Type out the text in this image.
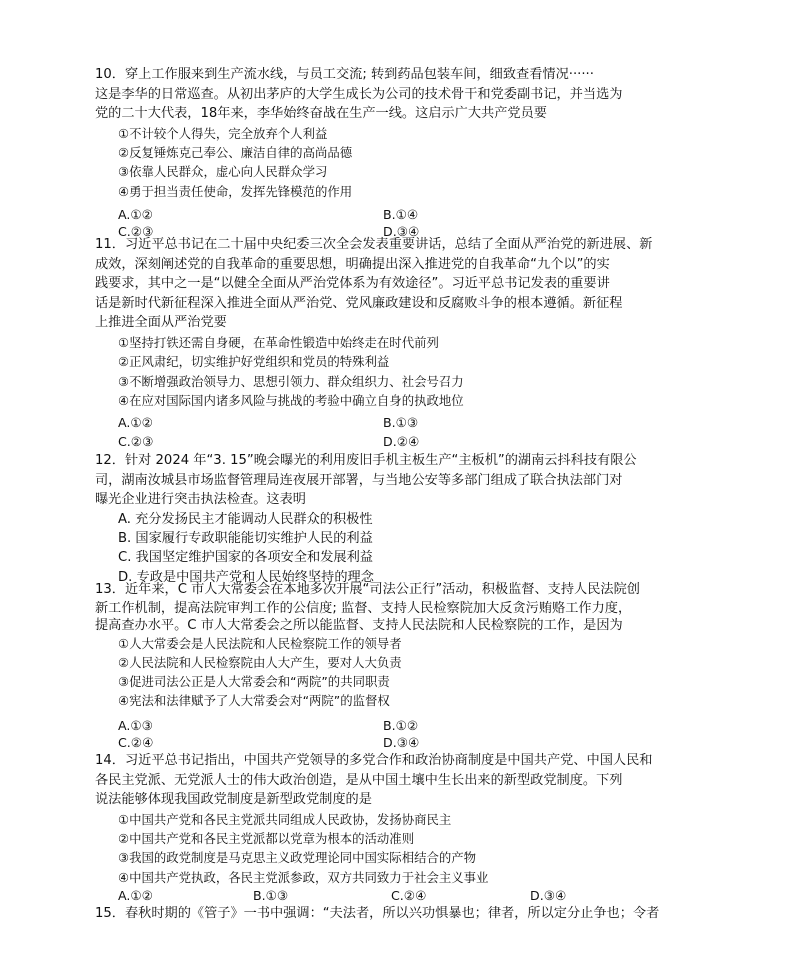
10．穿上工作服来到生产流水线，与员工交流; 转到药品包装车间，细致查看情况······
这是李华的日常巡查。从初出茅庐的大学生成长为公司的技术骨干和党委副书记，并当选为
党的二十大代表，18年来，李华始终奋战在生产一线。这启示广大共产党员要
①不计较个人得失，完全放弃个人利益
②反复锤炼克己奉公、廉洁自律的高尚品德
③依靠人民群众，虚心向人民群众学习
④勇于担当责任使命，发挥先锋模范的作用
A.①②	B.①④
C.②③	D.③④
11．习近平总书记在二十届中央纪委三次全会发表重要讲话，总结了全面从严治党的新进展、新
成效，深刻阐述党的自我革命的重要思想，明确提出深入推进党的自我革命“九个以”的实
践要求，其中之一是“以健全全面从严治党体系为有效途径”。习近平总书记发表的重要讲
话是新时代新征程深入推进全面从严治党、党风廉政建设和反腐败斗争的根本遵循。新征程
上推进全面从严治党要
①坚持打铁还需自身硬，在革命性锻造中始终走在时代前列
②正风肃纪，切实维护好党组织和党员的特殊利益
③不断增强政治领导力、思想引领力、群众组织力、社会号召力
④在应对国际国内诸多风险与挑战的考验中确立自身的执政地位
A.①②	B.①③
C.②③	D.②④
12．针对 2024 年“3. 15”晚会曝光的利用废旧手机主板生产“主板机”的湖南云抖科技有限公
司，湖南汝城县市场监督管理局连夜展开部署，与当地公安等多部门组成了联合执法部门对
曝光企业进行突击执法检查。这表明
A. 充分发扬民主才能调动人民群众的积极性
B. 国家履行专政职能能切实维护人民的利益
C. 我国坚定维护国家的各项安全和发展利益
D. 专政是中国共产党和人民始终坚持的理念
13．近年来，C 市人大常委会在本地多次开展“司法公正行”活动，积极监督、支持人民法院创
新工作机制，提高法院审判工作的公信度; 监督、支持人民检察院加大反贪污贿赂工作力度，
提高查办水平。C 市人大常委会之所以能监督、支持人民法院和人民检察院的工作，是因为
①人大常委会是人民法院和人民检察院工作的领导者
②人民法院和人民检察院由人大产生，要对人大负责
③促进司法公正是人大常委会和“两院”的共同职责
④宪法和法律赋予了人大常委会对“两院”的监督权
A.①③	B.①②
C.②④	D.③④
14．习近平总书记指出，中国共产党领导的多党合作和政治协商制度是中国共产党、中国人民和
各民主党派、无党派人士的伟大政治创造，是从中国土壤中生长出来的新型政党制度。下列
说法能够体现我国政党制度是新型政党制度的是
①中国共产党和各民主党派共同组成人民政协，发扬协商民主
②中国共产党和各民主党派都以党章为根本的活动准则
③我国的政党制度是马克思主义政党理论同中国实际相结合的产物
④中国共产党执政，各民主党派参政，双方共同致力于社会主义事业
A.①②	B.①③	C.②④	D.③④
15．春秋时期的《管子》一书中强调：“夫法者，所以兴功惧暴也；律者，所以定分止争也；令者
